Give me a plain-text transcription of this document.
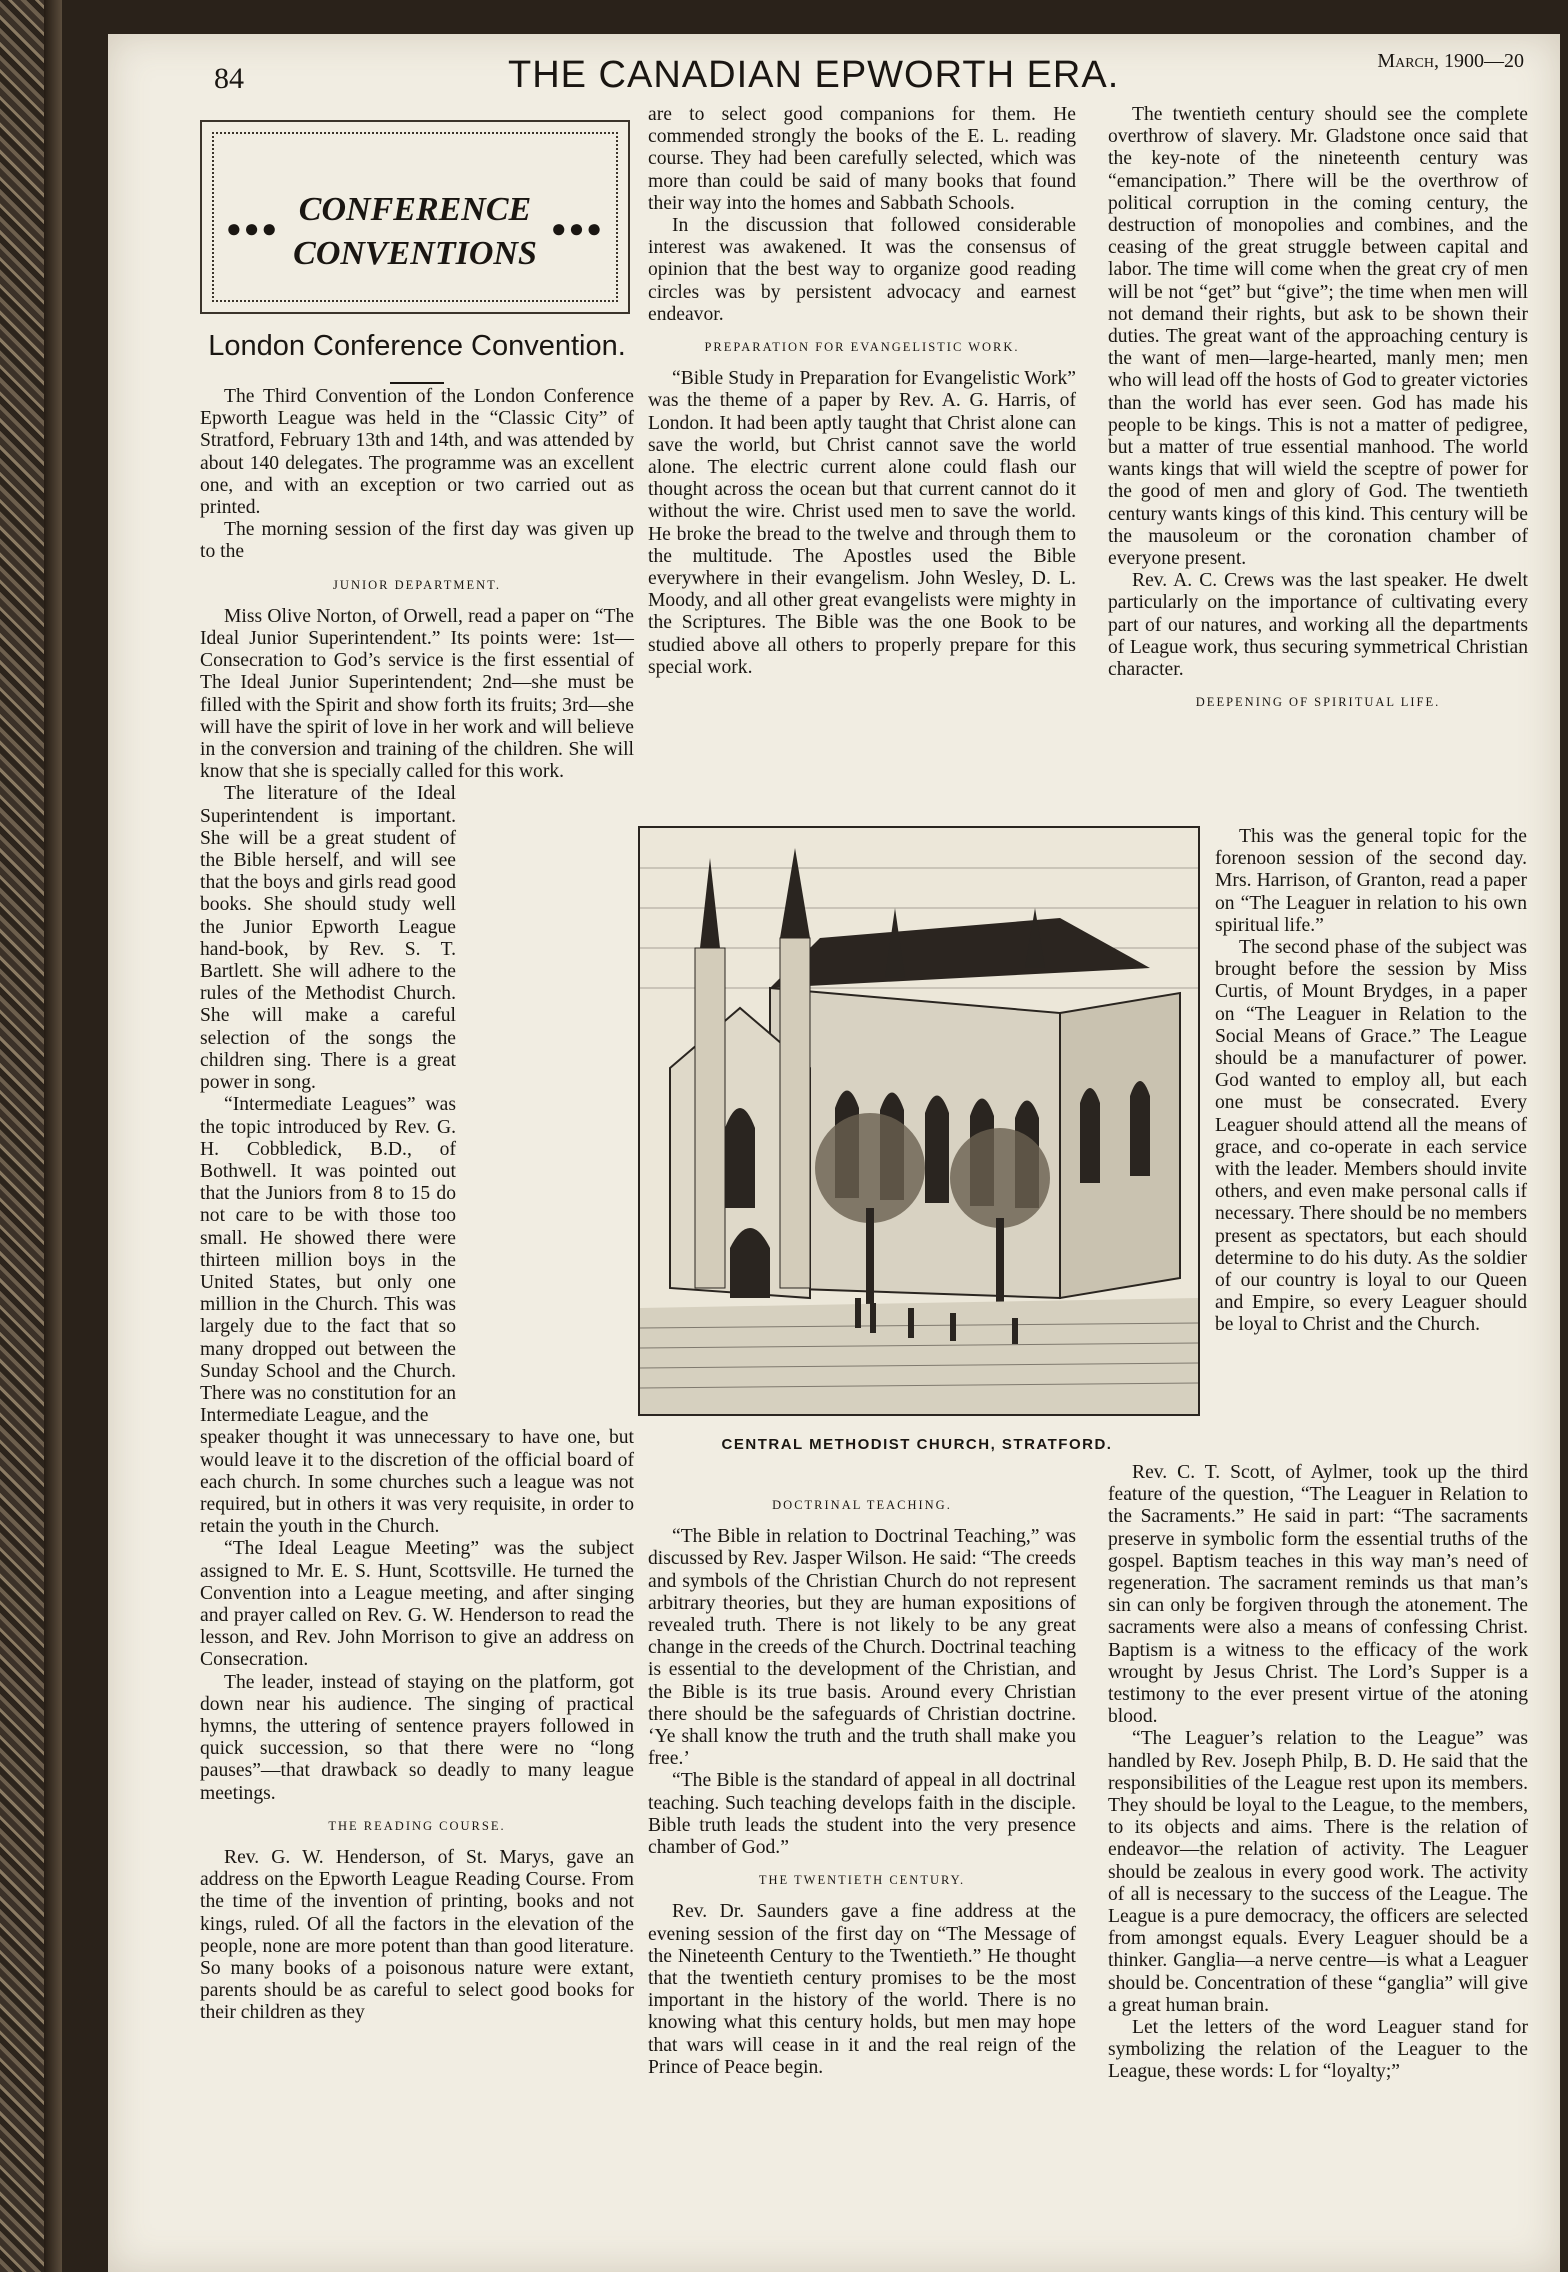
84	THE CANADIAN EPWORTH ERA.	March, 1900—20
●●●	●●●
CONFERENCE
CONVENTIONS
London Conference Convention.

The Third Convention of the London Conference Epworth League was held in the “Classic City” of Stratford, February 13th and 14th, and was attended by about 140 delegates. The programme was an excellent one, and with an exception or two carried out as printed.

The morning session of the first day was given up to the

JUNIOR DEPARTMENT.

Miss Olive Norton, of Orwell, read a paper on “The Ideal Junior Superintendent.” Its points were: 1st—Consecration to God’s service is the first essential of The Ideal Junior Superintendent; 2nd—she must be filled with the Spirit and show forth its fruits; 3rd—she will have the spirit of love in her work and will believe in the conversion and training of the children. She will know that she is specially called for this work.

The literature of the Ideal Superintendent is important. She will be a great student of the Bible herself, and will see that the boys and girls read good books. She should study well the Junior Epworth League hand-book, by Rev. S. T. Bartlett. She will adhere to the rules of the Methodist Church. She will make a careful selection of the songs the children sing. There is a great power in song.

“Intermediate Leagues” was the topic introduced by Rev. G. H. Cobbledick, B.D., of Bothwell. It was pointed out that the Juniors from 8 to 15 do not care to be with those too small. He showed there were thirteen million boys in the United States, but only one million in the Church. This was largely due to the fact that so many dropped out between the Sunday School and the Church. There was no constitution for an Intermediate League, and the

speaker thought it was unnecessary to have one, but would leave it to the discretion of the official board of each church. In some churches such a league was not required, but in others it was very requisite, in order to retain the youth in the Church.

“The Ideal League Meeting” was the subject assigned to Mr. E. S. Hunt, Scottsville. He turned the Convention into a League meeting, and after singing and prayer called on Rev. G. W. Henderson to read the lesson, and Rev. John Morrison to give an address on Consecration.

The leader, instead of staying on the platform, got down near his audience. The singing of practical hymns, the uttering of sentence prayers followed in quick succession, so that there were no “long pauses”—that drawback so deadly to many league meetings.

THE READING COURSE.

Rev. G. W. Henderson, of St. Marys, gave an address on the Epworth League Reading Course. From the time of the invention of printing, books and not kings, ruled. Of all the factors in the elevation of the people, none are more potent than than good literature. So many books of a poisonous nature were extant, parents should be as careful to select good books for their children as they

are to select good companions for them. He commended strongly the books of the E. L. reading course. They had been carefully selected, which was more than could be said of many books that found their way into the homes and Sabbath Schools.

In the discussion that followed considerable interest was awakened. It was the consensus of opinion that the best way to organize good reading circles was by persistent advocacy and earnest endeavor.

PREPARATION FOR EVANGELISTIC WORK.

“Bible Study in Preparation for Evangelistic Work” was the theme of a paper by Rev. A. G. Harris, of London. It had been aptly taught that Christ alone can save the world, but Christ cannot save the world alone. The electric current alone could flash our thought across the ocean but that current cannot do it without the wire. Christ used men to save the world. He broke the bread to the twelve and through them to the multitude. The Apostles used the Bible everywhere in their evangelism. John Wesley, D. L. Moody, and all other great evangelists were mighty in the Scriptures. The Bible was the one Book to be studied above all others to properly prepare for this special work.

CENTRAL METHODIST CHURCH, STRATFORD.
DOCTRINAL TEACHING.

“The Bible in relation to Doctrinal Teaching,” was discussed by Rev. Jasper Wilson. He said: “The creeds and symbols of the Christian Church do not represent arbitrary theories, but they are human expositions of revealed truth. There is not likely to be any great change in the creeds of the Church. Doctrinal teaching is essential to the development of the Christian, and the Bible is its true basis. Around every Christian there should be the safeguards of Christian doctrine. ‘Ye shall know the truth and the truth shall make you free.’

“The Bible is the standard of appeal in all doctrinal teaching. Such teaching develops faith in the disciple. Bible truth leads the student into the very presence chamber of God.”

THE TWENTIETH CENTURY.

Rev. Dr. Saunders gave a fine address at the evening session of the first day on “The Message of the Nineteenth Century to the Twentieth.” He thought that the twentieth century promises to be the most important in the history of the world. There is no knowing what this century holds, but men may hope that wars will cease in it and the real reign of the Prince of Peace begin.

The twentieth century should see the complete overthrow of slavery. Mr. Gladstone once said that the key-note of the nineteenth century was “emancipation.” There will be the overthrow of political corruption in the coming century, the destruction of monopolies and combines, and the ceasing of the great struggle between capital and labor. The time will come when the great cry of men will be not “get” but “give”; the time when men will not demand their rights, but ask to be shown their duties. The great want of the approaching century is the want of men—large-hearted, manly men; men who will lead off the hosts of God to greater victories than the world has ever seen. God has made his people to be kings. This is not a matter of pedigree, but a matter of true essential manhood. The world wants kings that will wield the sceptre of power for the good of men and glory of God. The twentieth century wants kings of this kind. This century will be the mausoleum or the coronation chamber of everyone present.

Rev. A. C. Crews was the last speaker. He dwelt particularly on the importance of cultivating every part of our natures, and working all the departments of League work, thus securing symmetrical Christian character.

DEEPENING OF SPIRITUAL LIFE.

This was the general topic for the forenoon session of the second day. Mrs. Harrison, of Granton, read a paper on “The Leaguer in relation to his own spiritual life.”

The second phase of the subject was brought before the session by Miss Curtis, of Mount Brydges, in a paper on “The Leaguer in Relation to the Social Means of Grace.” The League should be a manufacturer of power. God wanted to employ all, but each one must be consecrated. Every Leaguer should attend all the means of grace, and co-operate in each service with the leader. Members should invite others, and even make personal calls if necessary. There should be no members present as spectators, but each should determine to do his duty. As the soldier of our country is loyal to our Queen and Empire, so every Leaguer should be loyal to Christ and the Church.

Rev. C. T. Scott, of Aylmer, took up the third feature of the question, “The Leaguer in Relation to the Sacraments.” He said in part: “The sacraments preserve in symbolic form the essential truths of the gospel. Baptism teaches in this way man’s need of regeneration. The sacrament reminds us that man’s sin can only be forgiven through the atonement. The sacraments were also a means of confessing Christ. Baptism is a witness to the efficacy of the work wrought by Jesus Christ. The Lord’s Supper is a testimony to the ever present virtue of the atoning blood.

“The Leaguer’s relation to the League” was handled by Rev. Joseph Philp, B. D. He said that the responsibilities of the League rest upon its members. They should be loyal to the League, to the members, to its objects and aims. There is the relation of endeavor—the relation of activity. The Leaguer should be zealous in every good work. The activity of all is necessary to the success of the League. The League is a pure democracy, the officers are selected from amongst equals. Every Leaguer should be a thinker. Ganglia—a nerve centre—is what a Leaguer should be. Concentration of these “ganglia” will give a great human brain.

Let the letters of the word Leaguer stand for symbolizing the relation of the Leaguer to the League, these words: L for “loyalty;”
